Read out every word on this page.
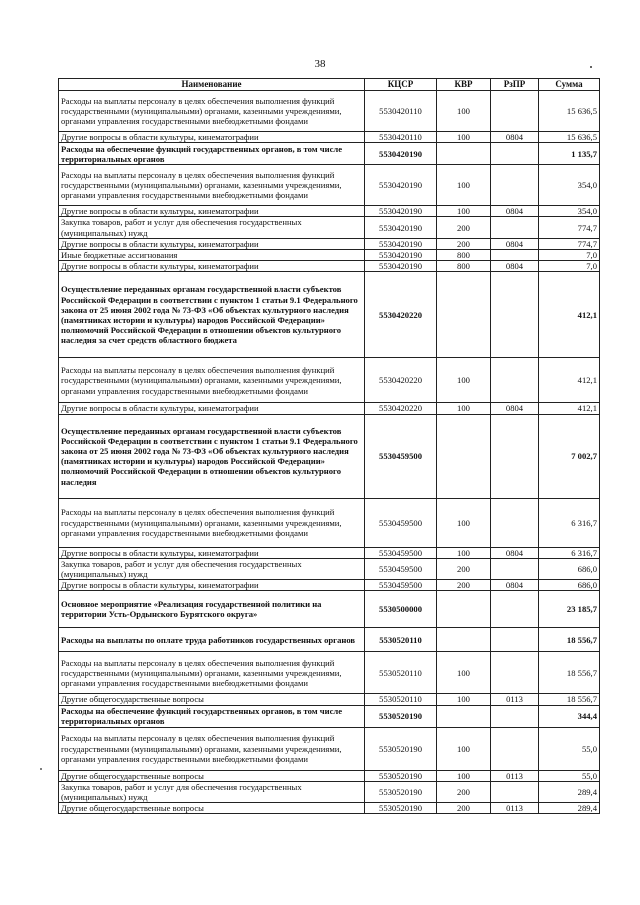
38
Наименование	КЦСР	КВР	РзПР	Сумма
Расходы на выплаты персоналу в целях обеспечения выполнения функций государственными (муниципальными) органами, казенными учреждениями, органами управления государственными внебюджетными фондами	5530420110	100		15 636,5
Другие вопросы в области культуры, кинематографии	5530420110	100	0804	15 636,5
Расходы на обеспечение функций государственных органов, в том числе территориальных органов	5530420190			1 135,7
Расходы на выплаты персоналу в целях обеспечения выполнения функций государственными (муниципальными) органами, казенными учреждениями, органами управления государственными внебюджетными фондами	5530420190	100		354,0
Другие вопросы в области культуры, кинематографии	5530420190	100	0804	354,0
Закупка товаров, работ и услуг для обеспечения государственных (муниципальных) нужд	5530420190	200		774,7
Другие вопросы в области культуры, кинематографии	5530420190	200	0804	774,7
Иные бюджетные ассигнования	5530420190	800		7,0
Другие вопросы в области культуры, кинематографии	5530420190	800	0804	7,0
Осуществление переданных органам государственной власти субъектов Российской Федерации в соответствии с пунктом 1 статьи 9.1 Федерального закона от 25 июня 2002 года № 73-ФЗ «Об объектах культурного наследия (памятниках истории и культуры) народов Российской Федерации» полномочий Российской Федерации в отношении объектов культурного наследия за счет средств областного бюджета	5530420220			412,1
Расходы на выплаты персоналу в целях обеспечения выполнения функций государственными (муниципальными) органами, казенными учреждениями, органами управления государственными внебюджетными фондами	5530420220	100		412,1
Другие вопросы в области культуры, кинематографии	5530420220	100	0804	412,1
Осуществление переданных органам государственной власти субъектов Российской Федерации в соответствии с пунктом 1 статьи 9.1 Федерального закона от 25 июня 2002 года № 73-ФЗ «Об объектах культурного наследия (памятниках истории и культуры) народов Российской Федерации» полномочий Российской Федерации в отношении объектов культурного наследия	5530459500			7 002,7
Расходы на выплаты персоналу в целях обеспечения выполнения функций государственными (муниципальными) органами, казенными учреждениями, органами управления государственными внебюджетными фондами	5530459500	100		6 316,7
Другие вопросы в области культуры, кинематографии	5530459500	100	0804	6 316,7
Закупка товаров, работ и услуг для обеспечения государственных (муниципальных) нужд	5530459500	200		686,0
Другие вопросы в области культуры, кинематографии	5530459500	200	0804	686,0
Основное мероприятие «Реализация государственной политики на территории Усть-Ордынского Бурятского округа»	5530500000			23 185,7
Расходы на выплаты по оплате труда работников государственных органов	5530520110			18 556,7
Расходы на выплаты персоналу в целях обеспечения выполнения функций государственными (муниципальными) органами, казенными учреждениями, органами управления государственными внебюджетными фондами	5530520110	100		18 556,7
Другие общегосударственные вопросы	5530520110	100	0113	18 556,7
Расходы на обеспечение функций государственных органов, в том числе территориальных органов	5530520190			344,4
Расходы на выплаты персоналу в целях обеспечения выполнения функций государственными (муниципальными) органами, казенными учреждениями, органами управления государственными внебюджетными фондами	5530520190	100		55,0
Другие общегосударственные вопросы	5530520190	100	0113	55,0
Закупка товаров, работ и услуг для обеспечения государственных (муниципальных) нужд	5530520190	200		289,4
Другие общегосударственные вопросы	5530520190	200	0113	289,4
